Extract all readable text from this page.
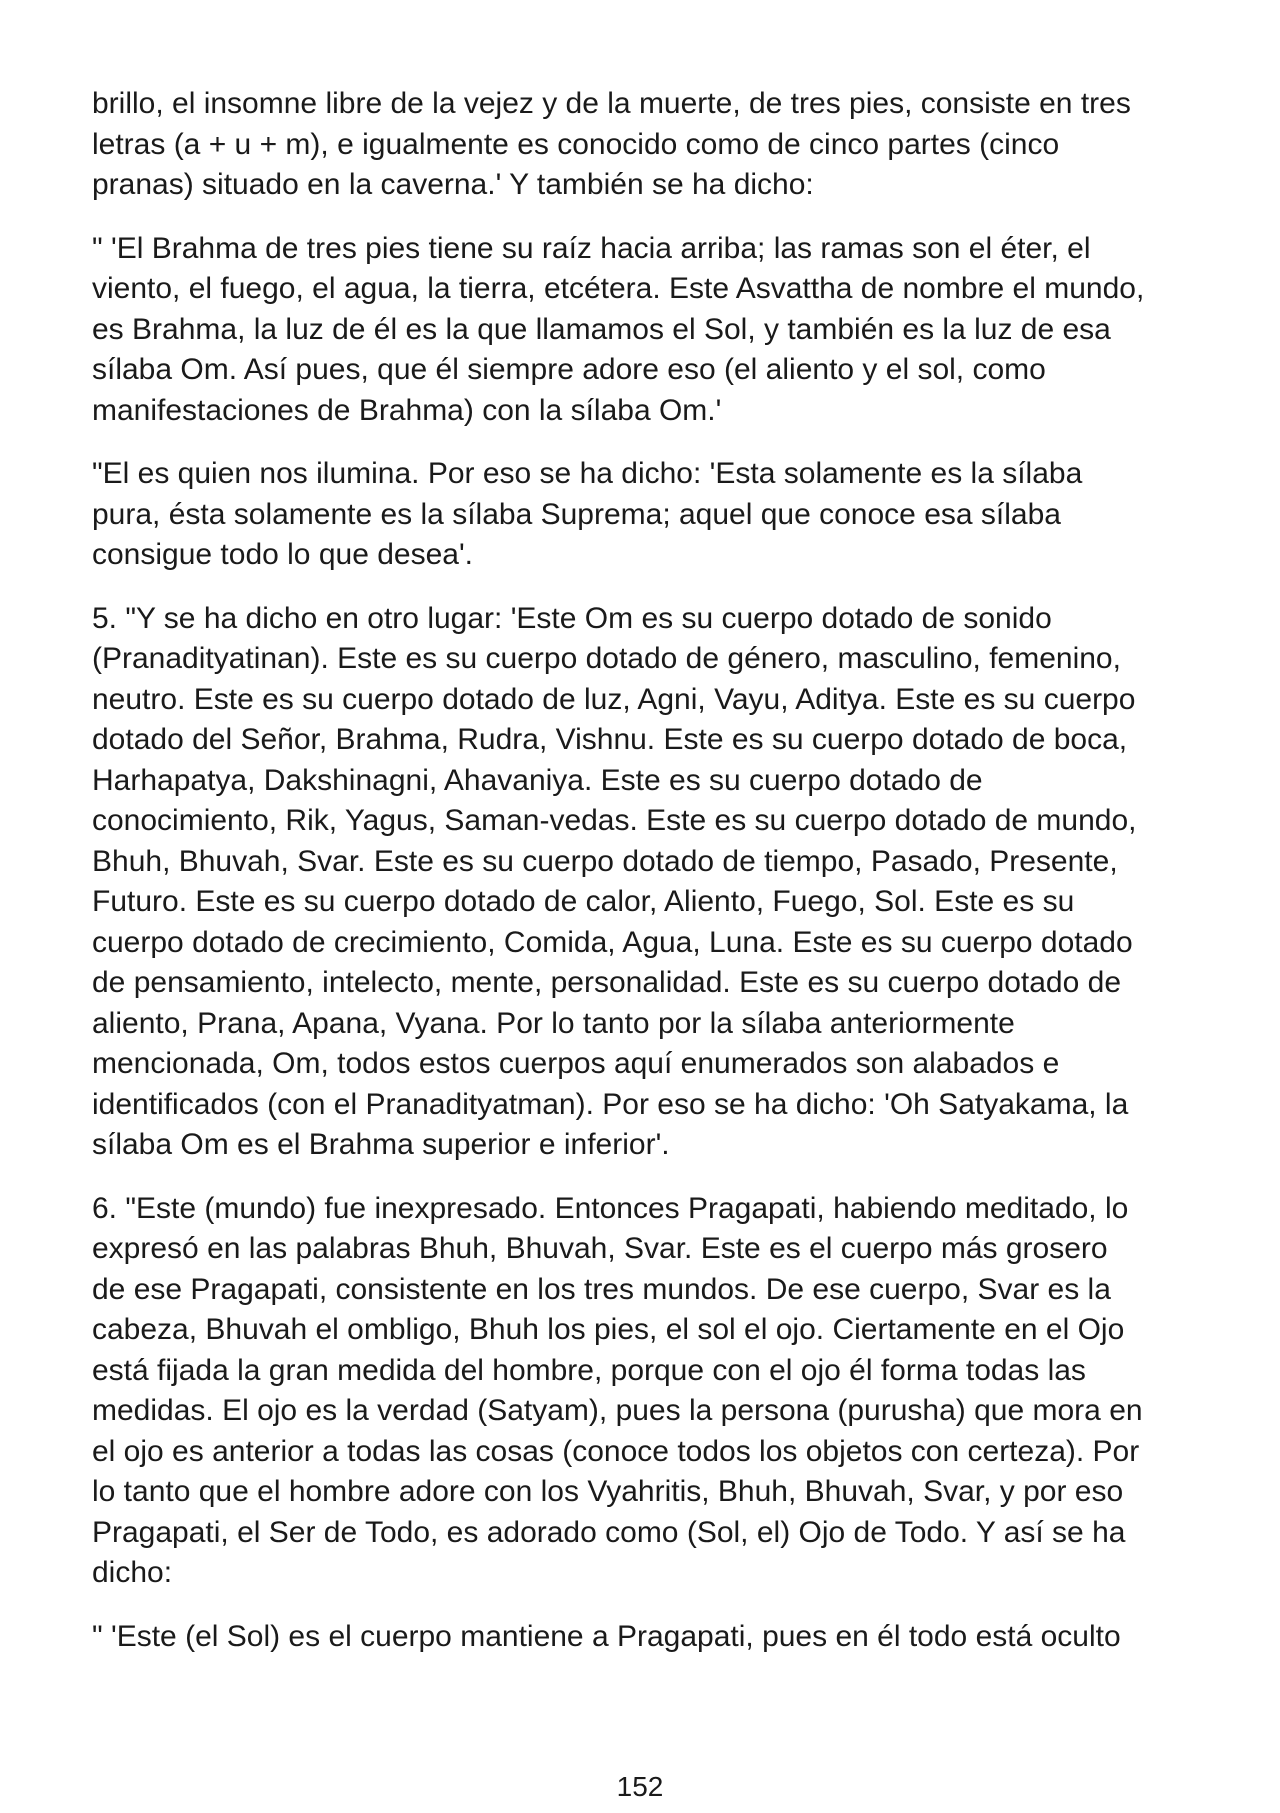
brillo, el insomne libre de la vejez y de la muerte, de tres pies, consiste en tres
letras (a + u + m), e igualmente es conocido como de cinco partes (cinco
pranas) situado en la caverna.' Y también se ha dicho:

" 'El Brahma de tres pies tiene su raíz hacia arriba; las ramas son el éter, el
viento, el fuego, el agua, la tierra, etcétera. Este Asvattha de nombre el mundo,
es Brahma, la luz de él es la que llamamos el Sol, y también es la luz de esa
sílaba Om. Así pues, que él siempre adore eso (el aliento y el sol, como
manifestaciones de Brahma) con la sílaba Om.'

"El es quien nos ilumina. Por eso se ha dicho: 'Esta solamente es la sílaba
pura, ésta solamente es la sílaba Suprema; aquel que conoce esa sílaba
consigue todo lo que desea'.

5. "Y se ha dicho en otro lugar: 'Este Om es su cuerpo dotado de sonido
(Pranadityatinan). Este es su cuerpo dotado de género, masculino, femenino,
neutro. Este es su cuerpo dotado de luz, Agni, Vayu, Aditya. Este es su cuerpo
dotado del Señor, Brahma, Rudra, Vishnu. Este es su cuerpo dotado de boca,
Harhapatya, Dakshinagni, Ahavaniya. Este es su cuerpo dotado de
conocimiento, Rik, Yagus, Saman-vedas. Este es su cuerpo dotado de mundo,
Bhuh, Bhuvah, Svar. Este es su cuerpo dotado de tiempo, Pasado, Presente,
Futuro. Este es su cuerpo dotado de calor, Aliento, Fuego, Sol. Este es su
cuerpo dotado de crecimiento, Comida, Agua, Luna. Este es su cuerpo dotado
de pensamiento, intelecto, mente, personalidad. Este es su cuerpo dotado de
aliento, Prana, Apana, Vyana. Por lo tanto por la sílaba anteriormente
mencionada, Om, todos estos cuerpos aquí enumerados son alabados e
identificados (con el Pranadityatman). Por eso se ha dicho: 'Oh Satyakama, la
sílaba Om es el Brahma superior e inferior'.

6. "Este (mundo) fue inexpresado. Entonces Pragapati, habiendo meditado, lo
expresó en las palabras Bhuh, Bhuvah, Svar. Este es el cuerpo más grosero
de ese Pragapati, consistente en los tres mundos. De ese cuerpo, Svar es la
cabeza, Bhuvah el ombligo, Bhuh los pies, el sol el ojo. Ciertamente en el Ojo
está fijada la gran medida del hombre, porque con el ojo él forma todas las
medidas. El ojo es la verdad (Satyam), pues la persona (purusha) que mora en
el ojo es anterior a todas las cosas (conoce todos los objetos con certeza). Por
lo tanto que el hombre adore con los Vyahritis, Bhuh, Bhuvah, Svar, y por eso
Pragapati, el Ser de Todo, es adorado como (Sol, el) Ojo de Todo. Y así se ha
dicho:

" 'Este (el Sol) es el cuerpo mantiene a Pragapati, pues en él todo está oculto

152
